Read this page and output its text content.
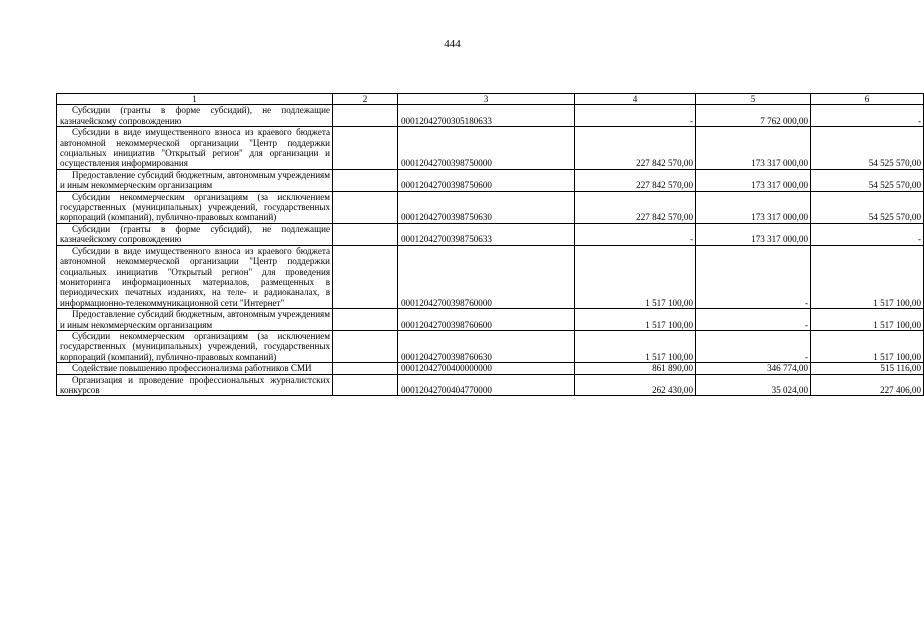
444
1	2	3	4	5	6
Субсидии (гранты в форме субсидий), не подлежащие казначейскому сопровождению		00012042700305180633	-	7 762 000,00	-
Субсидии в виде имущественного взноса из краевого бюджета автономной некоммерческой организации "Центр поддержки социальных инициатив "Открытый регион" для организации и осуществления информирования		00012042700398750000	227 842 570,00	173 317 000,00	54 525 570,00
Предоставление субсидий бюджетным, автономным учреждениям и иным некоммерческим организациям		00012042700398750600	227 842 570,00	173 317 000,00	54 525 570,00
Субсидии некоммерческим организациям (за исключением государственных (муниципальных) учреждений, государственных корпораций (компаний), публично-правовых компаний)		00012042700398750630	227 842 570,00	173 317 000,00	54 525 570,00
Субсидии (гранты в форме субсидий), не подлежащие казначейскому сопровождению		00012042700398750633	-	173 317 000,00	-
Субсидии в виде имущественного взноса из краевого бюджета автономной некоммерческой организации "Центр поддержки социальных инициатив "Открытый регион" для проведения мониторинга информационных материалов, размещенных в периодических печатных изданиях, на теле- и радиоканалах, в информационно-телекоммуникационной сети "Интернет"		00012042700398760000	1 517 100,00	-	1 517 100,00
Предоставление субсидий бюджетным, автономным учреждениям и иным некоммерческим организациям		00012042700398760600	1 517 100,00	-	1 517 100,00
Субсидии некоммерческим организациям (за исключением государственных (муниципальных) учреждений, государственных корпораций (компаний), публично-правовых компаний)		00012042700398760630	1 517 100,00	-	1 517 100,00
Содействие повышению профессионализма работников СМИ		00012042700400000000	861 890,00	346 774,00	515 116,00
Организация и проведение профессиональных журналистских конкурсов		00012042700404770000	262 430,00	35 024,00	227 406,00
